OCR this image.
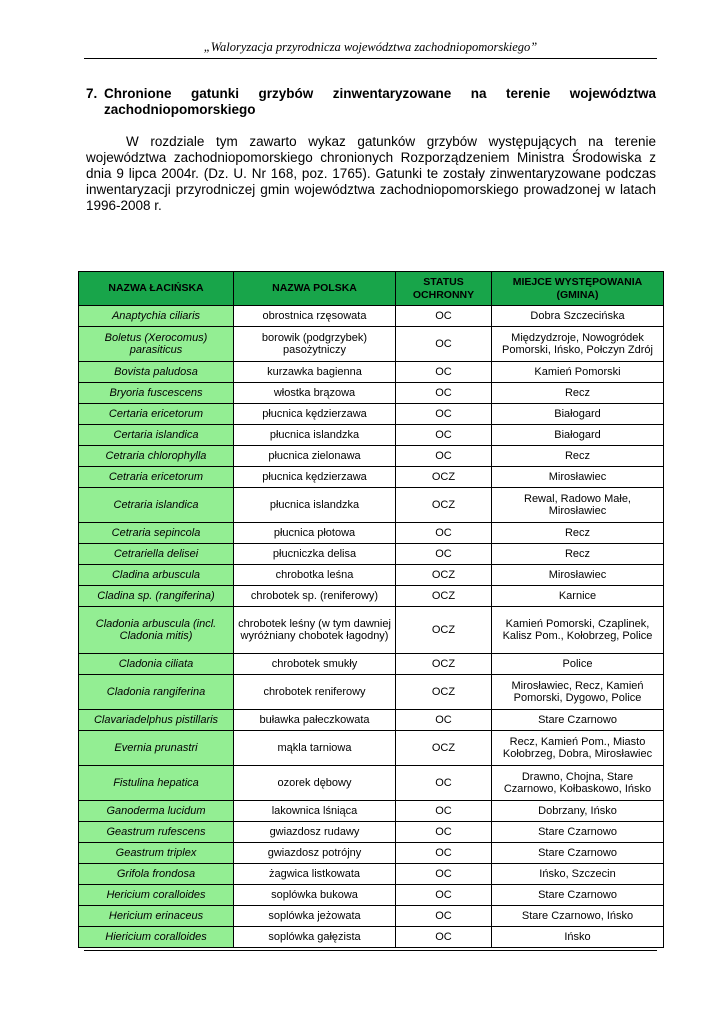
„Waloryzacja przyrodnicza województwa zachodniopomorskiego”
7. Chronione gatunki grzybów zinwentaryzowane na terenie województwa zachodniopomorskiego
W rozdziale tym zawarto wykaz gatunków grzybów występujących na terenie województwa zachodniopomorskiego chronionych Rozporządzeniem Ministra Środowiska z dnia 9 lipca 2004r. (Dz. U. Nr 168, poz. 1765). Gatunki te zostały zinwentaryzowane podczas inwentaryzacji przyrodniczej gmin województwa zachodniopomorskiego prowadzonej w latach 1996-2008 r.
NAZWA ŁACIŃSKA	NAZWA POLSKA	STATUS OCHRONNY	MIEJCE WYSTĘPOWANIA (GMINA)
Anaptychia ciliaris	obrostnica rzęsowata	OC	Dobra Szczecińska
Boletus (Xerocomus) parasiticus	borowik (podgrzybek) pasożytniczy	OC	Międzydzroje, Nowogródek Pomorski, Ińsko, Połczyn Zdrój
Bovista paludosa	kurzawka bagienna	OC	Kamień Pomorski
Bryoria fuscescens	włostka brązowa	OC	Recz
Certaria ericetorum	płucnica kędzierzawa	OC	Białogard
Certaria islandica	płucnica islandzka	OC	Białogard
Cetraria chlorophylla	płucnica zielonawa	OC	Recz
Cetraria ericetorum	płucnica kędzierzawa	OCZ	Mirosławiec
Cetraria islandica	płucnica islandzka	OCZ	Rewal, Radowo Małe, Mirosławiec
Cetraria sepincola	płucnica płotowa	OC	Recz
Cetrariella delisei	płucniczka delisa	OC	Recz
Cladina arbuscula	chrobotka leśna	OCZ	Mirosławiec
Cladina sp. (rangiferina)	chrobotek sp. (reniferowy)	OCZ	Karnice
Cladonia arbuscula (incl. Cladonia mitis)	chrobotek leśny (w tym dawniej wyróżniany chobotek łagodny)	OCZ	Kamień Pomorski, Czaplinek, Kalisz Pom., Kołobrzeg, Police
Cladonia ciliata	chrobotek smukły	OCZ	Police
Cladonia rangiferina	chrobotek reniferowy	OCZ	Mirosławiec, Recz, Kamień Pomorski, Dygowo, Police
Clavariadelphus pistillaris	buławka pałeczkowata	OC	Stare Czarnowo
Evernia prunastri	mąkla tarniowa	OCZ	Recz, Kamień Pom., Miasto Kołobrzeg, Dobra, Mirosławiec
Fistulina hepatica	ozorek dębowy	OC	Drawno, Chojna, Stare Czarnowo, Kołbaskowo, Ińsko
Ganoderma lucidum	lakownica lśniąca	OC	Dobrzany, Ińsko
Geastrum rufescens	gwiazdosz rudawy	OC	Stare Czarnowo
Geastrum triplex	gwiazdosz potrójny	OC	Stare Czarnowo
Grifola frondosa	żagwica listkowata	OC	Ińsko, Szczecin
Hericium coralloides	soplówka bukowa	OC	Stare Czarnowo
Hericium erinaceus	soplówka jeżowata	OC	Stare Czarnowo, Ińsko
Hiericium coralloides	soplówka gałęzista	OC	Ińsko
